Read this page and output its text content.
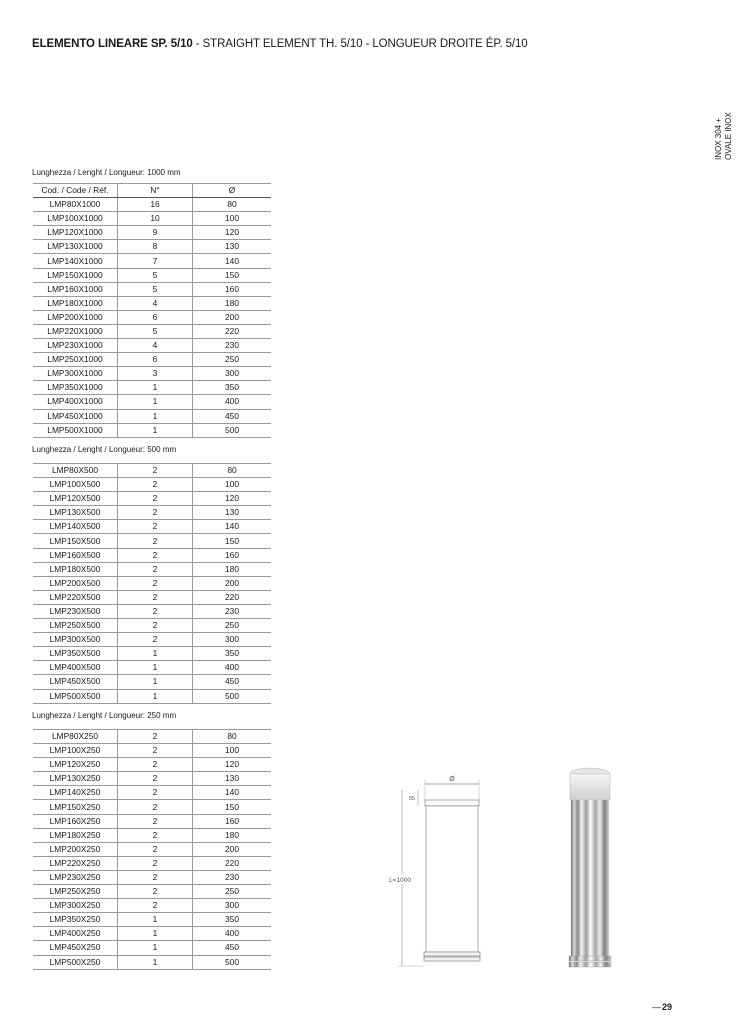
ELEMENTO LINEARE SP. 5/10 - STRAIGHT ELEMENT TH. 5/10 - LONGUEUR DROITE ÉP. 5/10
INOX 304 +
OVALE INOX
Lunghezza / Lenght / Longueur: 1000 mm
Cod. / Code / Réf.	N°	Ø
LMP80X1000	16	80
LMP100X1000	10	100
LMP120X1000	9	120
LMP130X1000	8	130
LMP140X1000	7	140
LMP150X1000	5	150
LMP160X1000	5	160
LMP180X1000	4	180
LMP200X1000	6	200
LMP220X1000	5	220
LMP230X1000	4	230
LMP250X1000	6	250
LMP300X1000	3	300
LMP350X1000	1	350
LMP400X1000	1	400
LMP450X1000	1	450
LMP500X1000	1	500
Lunghezza / Lenght / Longueur: 500 mm
LMP80X500	2	80
LMP100X500	2	100
LMP120X500	2	120
LMP130X500	2	130
LMP140X500	2	140
LMP150X500	2	150
LMP160X500	2	160
LMP180X500	2	180
LMP200X500	2	200
LMP220X500	2	220
LMP230X500	2	230
LMP250X500	2	250
LMP300X500	2	300
LMP350X500	1	350
LMP400X500	1	400
LMP450X500	1	450
LMP500X500	1	500
Lunghezza / Lenght / Longueur: 250 mm
LMP80X250	2	80
LMP100X250	2	100
LMP120X250	2	120
LMP130X250	2	130
LMP140X250	2	140
LMP150X250	2	150
LMP160X250	2	160
LMP180X250	2	180
LMP200X250	2	200
LMP220X250	2	220
LMP230X250	2	230
LMP250X250	2	250
LMP300X250	2	300
LMP350X250	1	350
LMP400X250	1	400
LMP450X250	1	450
LMP500X250	1	500
Ø
55
L=1000
—29
